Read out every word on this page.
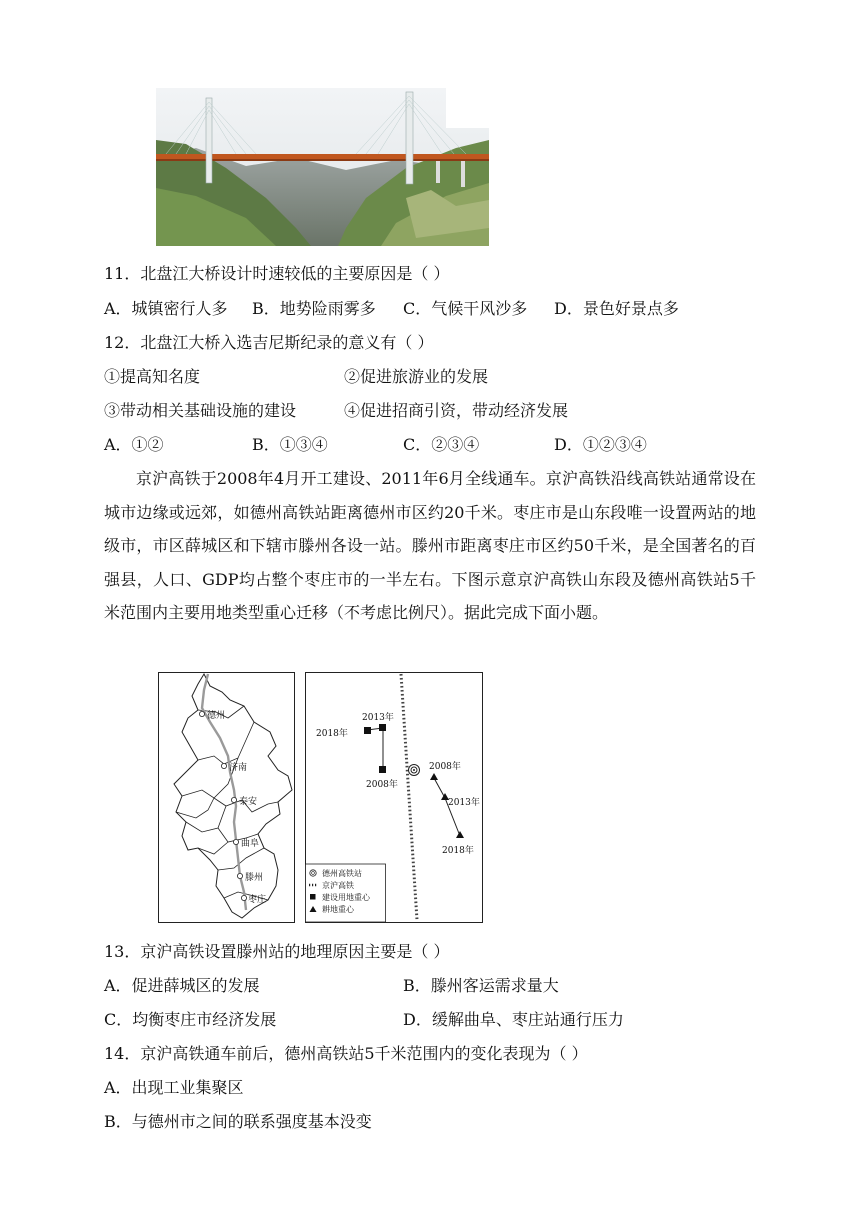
11．北盘江大桥设计时速较低的主要原因是（ ）
A．城镇密行人多 B．地势险雨雾多 C．气候干风沙多 D．景色好景点多
12．北盘江大桥入选吉尼斯纪录的意义有（ ）
①提高知名度	②促进旅游业的发展
③带动相关基础设施的建设	④促进招商引资，带动经济发展
A．①②	B．①③④	C．②③④	D．①②③④
京沪高铁于2008年4月开工建设、2011年6月全线通车。京沪高铁沿线高铁站通常设在城市边缘或远郊，如德州高铁站距离德州市区约20千米。枣庄市是山东段唯一设置两站的地级市，市区薛城区和下辖市滕州各设一站。滕州市距离枣庄市区约50千米，是全国著名的百强县，人口、GDP均占整个枣庄市的一半左右。下图示意京沪高铁山东段及德州高铁站5千米范围内主要用地类型重心迁移（不考虑比例尺）。据此完成下面小题。
德州
济南
泰安
曲阜
滕州
枣庄
2013年
2018年
2008年
2008年
2013年
2018年
德州高铁站
京沪高铁
建设用地重心
耕地重心
13．京沪高铁设置滕州站的地理原因主要是（ ）
A．促进薛城区的发展	B．滕州客运需求量大
C．均衡枣庄市经济发展	D．缓解曲阜、枣庄站通行压力
14．京沪高铁通车前后，德州高铁站5千米范围内的变化表现为（ ）
A．出现工业集聚区
B．与德州市之间的联系强度基本没变
